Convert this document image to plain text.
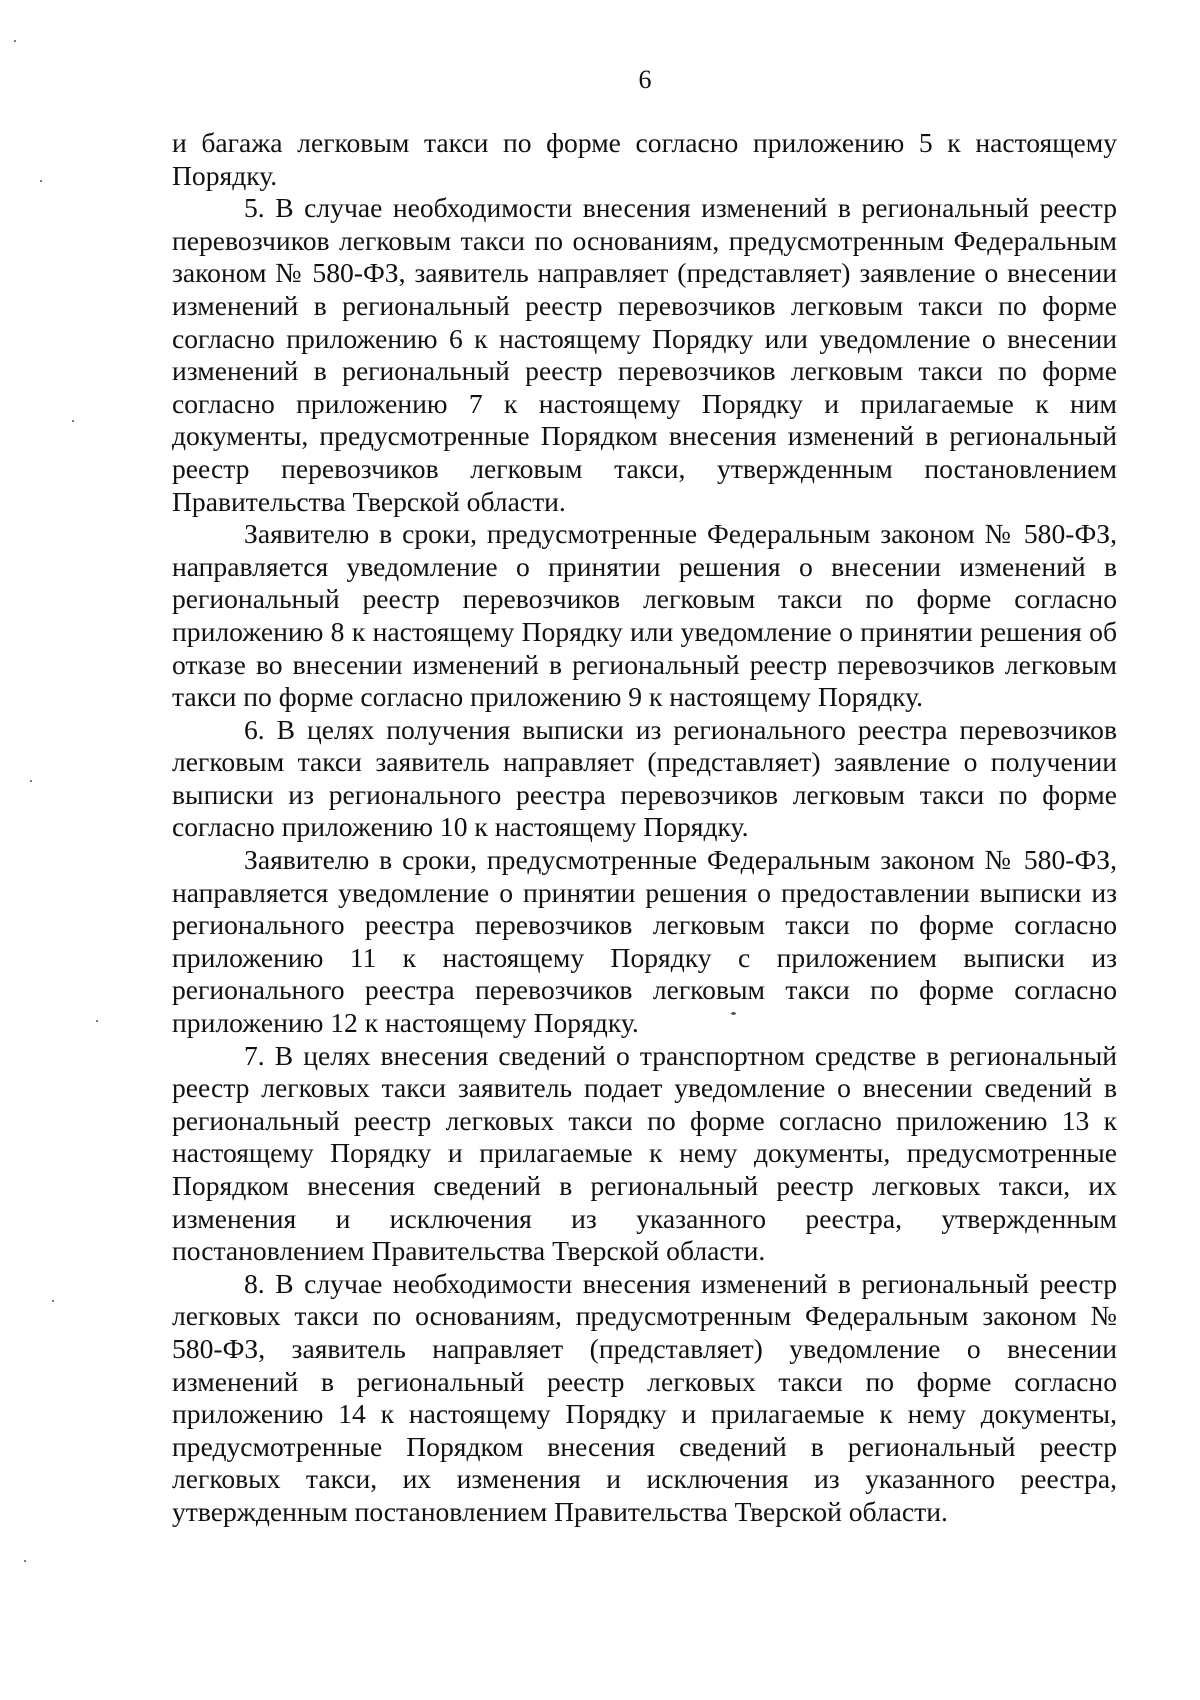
6

и багажа легковым такси по форме согласно приложению 5 к настоящему Порядку.

5. В случае необходимости внесения изменений в региональный реестр перевозчиков легковым такси по основаниям, предусмотренным Федеральным законом № 580-ФЗ, заявитель направляет (представляет) заявление о внесении изменений в региональный реестр перевозчиков легковым такси по форме согласно приложению 6 к настоящему Порядку или уведомление о внесении изменений в региональный реестр перевозчиков легковым такси по форме согласно приложению 7 к настоящему Порядку и прилагаемые к ним документы, предусмотренные Порядком внесения изменений в региональный реестр перевозчиков легковым такси, утвержденным постановлением Правительства Тверской области.

Заявителю в сроки, предусмотренные Федеральным законом № 580-ФЗ, направляется уведомление о принятии решения о внесении изменений в региональный реестр перевозчиков легковым такси по форме согласно приложению 8 к настоящему Порядку или уведомление о принятии решения об отказе во внесении изменений в региональный реестр перевозчиков легковым такси по форме согласно приложению 9 к настоящему Порядку.

6. В целях получения выписки из регионального реестра перевозчиков легковым такси заявитель направляет (представляет) заявление о получении выписки из регионального реестра перевозчиков легковым такси по форме согласно приложению 10 к настоящему Порядку.

Заявителю в сроки, предусмотренные Федеральным законом № 580-ФЗ, направляется уведомление о принятии решения о предоставлении выписки из регионального реестра перевозчиков легковым такси по форме согласно приложению 11 к настоящему Порядку с приложением выписки из регионального реестра перевозчиков легковым такси по форме согласно приложению 12 к настоящему Порядку.

7. В целях внесения сведений о транспортном средстве в региональный реестр легковых такси заявитель подает уведомление о внесении сведений в региональный реестр легковых такси по форме согласно приложению 13 к настоящему Порядку и прилагаемые к нему документы, предусмотренные Порядком внесения сведений в региональный реестр легковых такси, их изменения и исключения из указанного реестра, утвержденным постановлением Правительства Тверской области.

8. В случае необходимости внесения изменений в региональный реестр легковых такси по основаниям, предусмотренным Федеральным законом № 580-ФЗ, заявитель направляет (представляет) уведомление о внесении изменений в региональный реестр легковых такси по форме согласно приложению 14 к настоящему Порядку и прилагаемые к нему документы, предусмотренные Порядком внесения сведений в региональный реестр легковых такси, их изменения и исключения из указанного реестра, утвержденным постановлением Правительства Тверской области.
